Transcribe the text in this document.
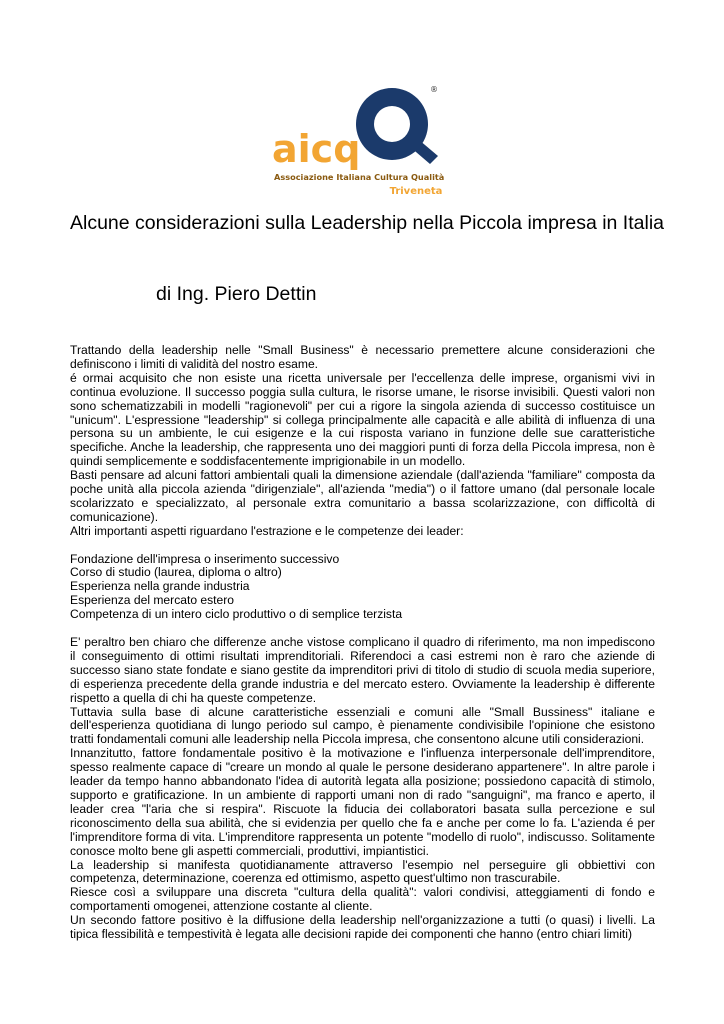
®
aicq
Associazione Italiana Cultura Qualità
Triveneta
Alcune considerazioni sulla Leadership nella Piccola impresa in Italia

di Ing. Piero Dettin

Trattando della leadership nelle "Small Business" è necessario premettere alcune considerazioni che definiscono i limiti di validità del nostro esame.

é ormai acquisito che non esiste una ricetta universale per l'eccellenza delle imprese, organismi vivi in continua evoluzione. Il successo poggia sulla cultura, le risorse umane, le risorse invisibili. Questi valori non sono schematizzabili in modelli "ragionevoli" per cui a rigore la singola azienda di successo costituisce un "unicum". L'espressione "leadership" si collega principalmente alle capacità e alle abilità di influenza di una persona su un ambiente, le cui esigenze e la cui risposta variano in funzione delle sue caratteristiche specifiche. Anche la leadership, che rappresenta uno dei maggiori punti di forza della Piccola impresa, non è quindi semplicemente e soddisfacentemente imprigionabile in un modello.

Basti pensare ad alcuni fattori ambientali quali la dimensione aziendale (dall'azienda "familiare" composta da poche unità alla piccola azienda "dirigenziale", all'azienda "media") o il fattore umano (dal personale locale scolarizzato e specializzato, al personale extra comunitario a bassa scolarizzazione, con difficoltà di comunicazione).

Altri importanti aspetti riguardano l'estrazione e le competenze dei leader:

Fondazione dell'impresa o inserimento successivo
Corso di studio (laurea, diploma o altro)
Esperienza nella grande industria
Esperienza del mercato estero
Competenza di un intero ciclo produttivo o di semplice terzista

E' peraltro ben chiaro che differenze anche vistose complicano il quadro di riferimento, ma non impediscono il conseguimento di ottimi risultati imprenditoriali. Riferendoci a casi estremi non è raro che aziende di successo siano state fondate e siano gestite da imprenditori privi di titolo di studio di scuola media superiore, di esperienza precedente della grande industria e del mercato estero. Ovviamente la leadership è differente rispetto a quella di chi ha queste competenze.

Tuttavia sulla base di alcune caratteristiche essenziali e comuni alle "Small Bussiness" italiane e dell'esperienza quotidiana di lungo periodo sul campo, è pienamente condivisibile l'opinione che esistono tratti fondamentali comuni alle leadership nella Piccola impresa, che consentono alcune utili considerazioni.

Innanzitutto, fattore fondamentale positivo è la motivazione e l'influenza interpersonale dell'imprenditore, spesso realmente capace di "creare un mondo al quale le persone desiderano appartenere". In altre parole i leader da tempo hanno abbandonato l'idea di autorità legata alla posizione; possiedono capacità di stimolo, supporto e gratificazione. In un ambiente di rapporti umani non di rado "sanguigni", ma franco e aperto, il leader crea "l'aria che si respira". Riscuote la fiducia dei collaboratori basata sulla percezione e sul riconoscimento della sua abilità, che si evidenzia per quello che fa e anche per come lo fa. L'azienda é per l'imprenditore forma di vita. L'imprenditore rappresenta un potente "modello di ruolo", indiscusso. Solitamente conosce molto bene gli aspetti commerciali, produttivi, impiantistici.

La leadership si manifesta quotidianamente attraverso l'esempio nel perseguire gli obbiettivi con competenza, determinazione, coerenza ed ottimismo, aspetto quest'ultimo non trascurabile.

Riesce così a sviluppare una discreta "cultura della qualità": valori condivisi, atteggiamenti di fondo e comportamenti omogenei, attenzione costante al cliente.

Un secondo fattore positivo è la diffusione della leadership nell'organizzazione a tutti (o quasi) i livelli. La tipica flessibilità e tempestività è legata alle decisioni rapide dei componenti che hanno (entro chiari limiti)
